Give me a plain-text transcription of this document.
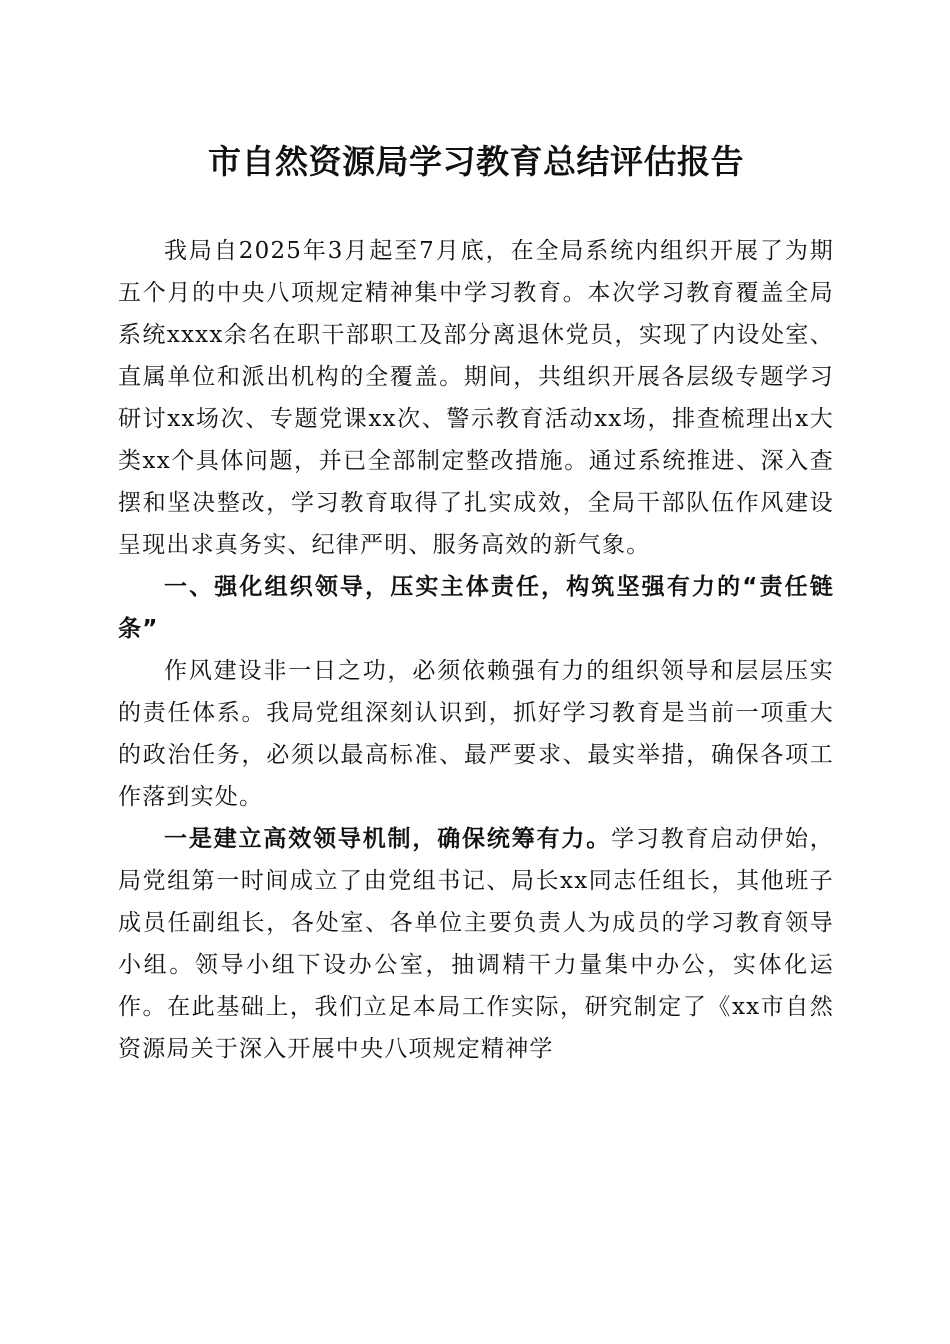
市自然资源局学习教育总结评估报告

我局自2025年3月起至7月底，在全局系统内组织开展了为期五个月的中央八项规定精神集中学习教育。本次学习教育覆盖全局系统xxxx余名在职干部职工及部分离退休党员，实现了内设处室、直属单位和派出机构的全覆盖。期间，共组织开展各层级专题学习研讨xx场次、专题党课xx次、警示教育活动xx场，排查梳理出x大类xx个具体问题，并已全部制定整改措施。通过系统推进、深入查摆和坚决整改，学习教育取得了扎实成效，全局干部队伍作风建设呈现出求真务实、纪律严明、服务高效的新气象。

一、强化组织领导，压实主体责任，构筑坚强有力的“责任链条”

作风建设非一日之功，必须依赖强有力的组织领导和层层压实的责任体系。我局党组深刻认识到，抓好学习教育是当前一项重大的政治任务，必须以最高标准、最严要求、最实举措，确保各项工作落到实处。

一是建立高效领导机制，确保统筹有力。学习教育启动伊始，局党组第一时间成立了由党组书记、局长xx同志任组长，其他班子成员任副组长，各处室、各单位主要负责人为成员的学习教育领导小组。领导小组下设办公室，抽调精干力量集中办公，实体化运作。在此基础上，我们立足本局工作实际，研究制定了《xx市自然资源局关于深入开展中央八项规定精神学
